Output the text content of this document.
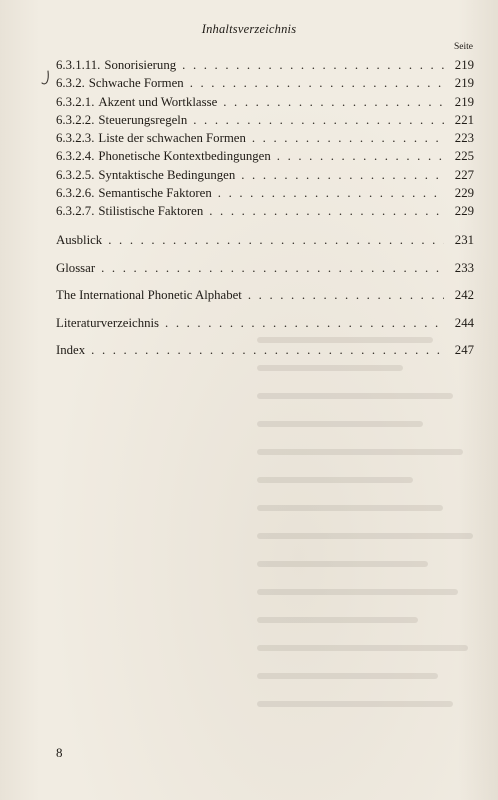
Inhaltsverzeichnis
Seite
6.3.1.11. Sonorisierung . . .	219
6.3.2. Schwache Formen . . .	219
6.3.2.1. Akzent und Wortklasse . . .	219
6.3.2.2. Steuerungsregeln . . .	221
6.3.2.3. Liste der schwachen Formen . . .	223
6.3.2.4. Phonetische Kontextbedingungen . . .	225
6.3.2.5. Syntaktische Bedingungen . . .	227
6.3.2.6. Semantische Faktoren . . .	229
6.3.2.7. Stilistische Faktoren . . .	229
Ausblick . . .	231
Glossar . . .	233
The International Phonetic Alphabet . . .	242
Literaturverzeichnis . . .	244
Index . . .	247
8
